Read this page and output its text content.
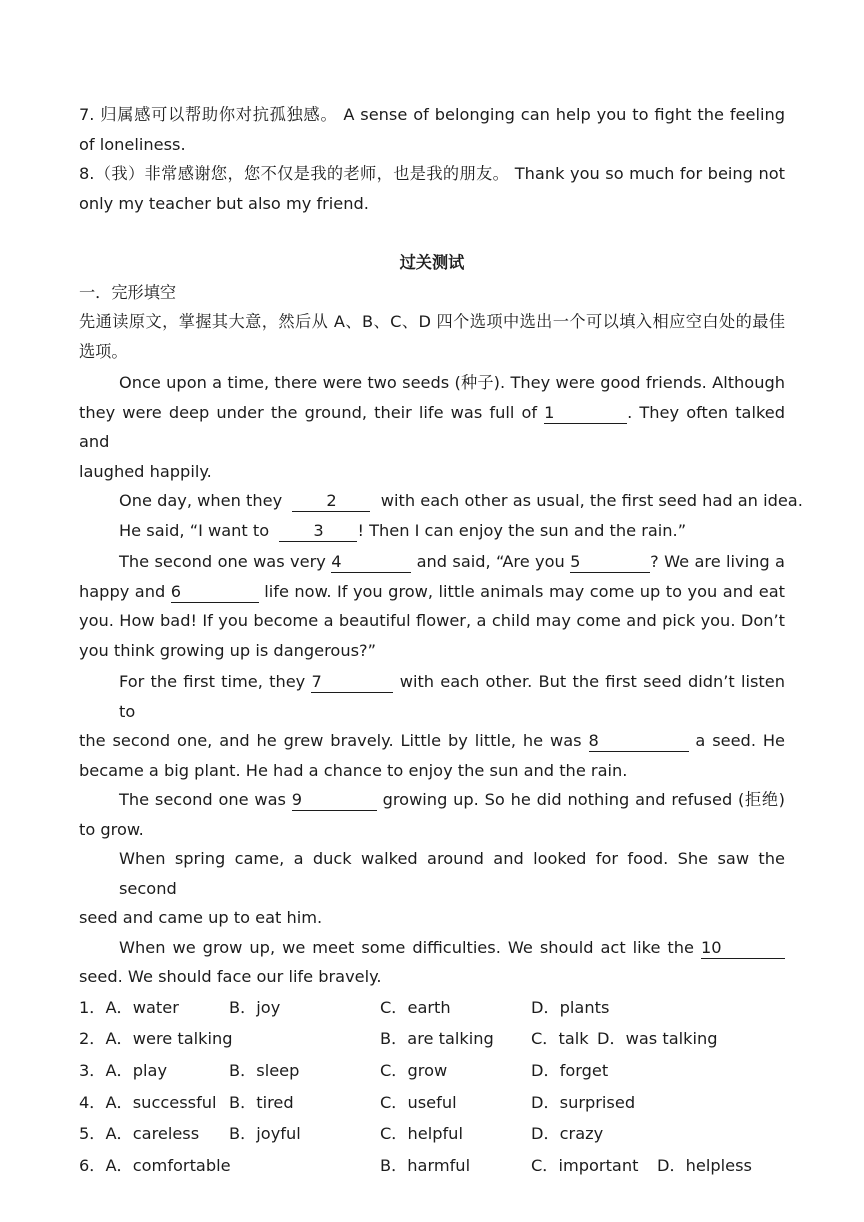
7. 归属感可以帮助你对抗孤独感。 A sense of belonging can help you to fight the feeling
of loneliness.
8.（我）非常感谢您，您不仅是我的老师，也是我的朋友。 Thank you so much for being not
only my teacher but also my friend.
过关测试
一．完形填空
先通读原文，掌握其大意，然后从 A、B、C、D 四个选项中选出一个可以填入相应空白处的最佳
选项。
Once upon a time, there were two seeds (种子). They were good friends. Although
they were deep under the ground, their life was full of 1	. They often talked and
laughed happily.
One day, when they	2	with each other as usual, the first seed had an idea.
He said, “I want to	3 ! Then I can enjoy the sun and the rain.”
The second one was very 4	and said, “Are you 5	? We are living a
happy and 6	life now. If you grow, little animals may come up to you and eat
you. How bad! If you become a beautiful flower, a child may come and pick you. Don’t
you think growing up is dangerous?”
For the first time, they 7	with each other. But the first seed didn’t listen to
the second one, and he grew bravely. Little by little, he was 8	a seed. He
became a big plant. He had a chance to enjoy the sun and the rain.
The second one was 9	growing up. So he did nothing and refused (拒绝)
to grow.
When spring came, a duck walked around and looked for food. She saw the second
seed and came up to eat him.
When we grow up, we meet some difficulties. We should act like the 10
seed. We should face our life bravely.
1．A．water	B．joy	C．earth	D．plants
2．A．were talking	B．are talking C．talk D．was talking
3．A．play	B．sleep	C．grow	D．forget
4．A．successful B．tired	C．useful	D．surprised
5．A．careless B．joyful	C．helpful	D．crazy
6．A．comfortable	B．harmful	C．important D．helpless
